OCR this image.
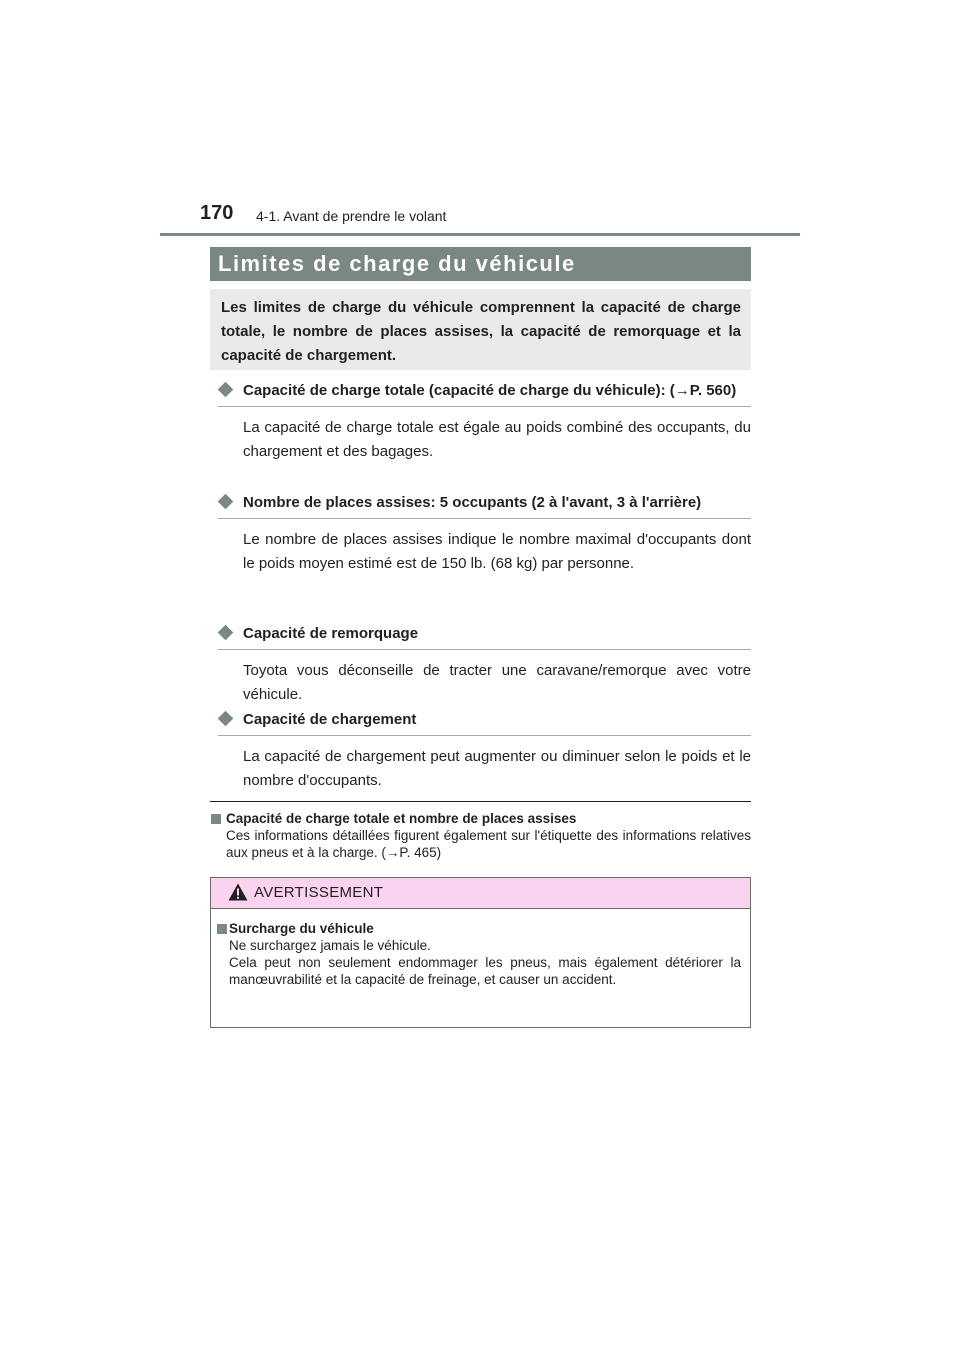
170 4-1. Avant de prendre le volant
Limites de charge du véhicule
Les limites de charge du véhicule comprennent la capacité de charge totale, le nombre de places assises, la capacité de remorquage et la capacité de chargement.
Capacité de charge totale (capacité de charge du véhicule): (→P. 560)
La capacité de charge totale est égale au poids combiné des occupants, du chargement et des bagages.
Nombre de places assises: 5 occupants (2 à l'avant, 3 à l'arrière)
Le nombre de places assises indique le nombre maximal d'occupants dont le poids moyen estimé est de 150 lb. (68 kg) par personne.
Capacité de remorquage
Toyota vous déconseille de tracter une caravane/remorque avec votre véhicule.
Capacité de chargement
La capacité de chargement peut augmenter ou diminuer selon le poids et le nombre d'occupants.
Capacité de charge totale et nombre de places assises
Ces informations détaillées figurent également sur l'étiquette des informations relatives aux pneus et à la charge. (→P. 465)
AVERTISSEMENT
Surcharge du véhicule
Ne surchargez jamais le véhicule.
Cela peut non seulement endommager les pneus, mais également détériorer la manœuvrabilité et la capacité de freinage, et causer un accident.
